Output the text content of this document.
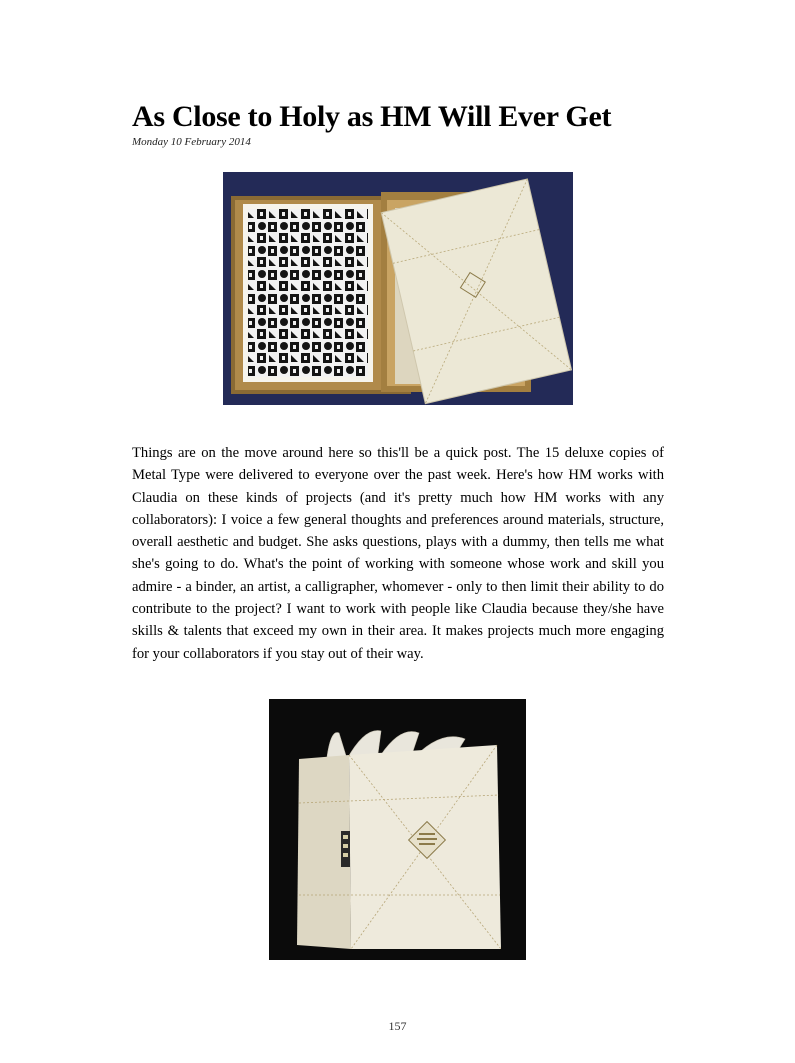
As Close to Holy as HM Will Ever Get
Monday 10 February 2014

Things are on the move around here so this'll be a quick post. The 15 deluxe copies of Metal Type were delivered to everyone over the past week. Here's how HM works with Claudia on these kinds of projects (and it's pretty much how HM works with any collaborators): I voice a few general thoughts and preferences around materials, structure, overall aesthetic and budget. She asks questions, plays with a dummy, then tells me what she's going to do. What's the point of working with someone whose work and skill you admire - a binder, an artist, a calligrapher, whomever - only to then limit their ability to do contribute to the project? I want to work with people like Claudia because they/she have skills & talents that exceed my own in their area. It makes projects much more engaging for your collaborators if you stay out of their way.

157
